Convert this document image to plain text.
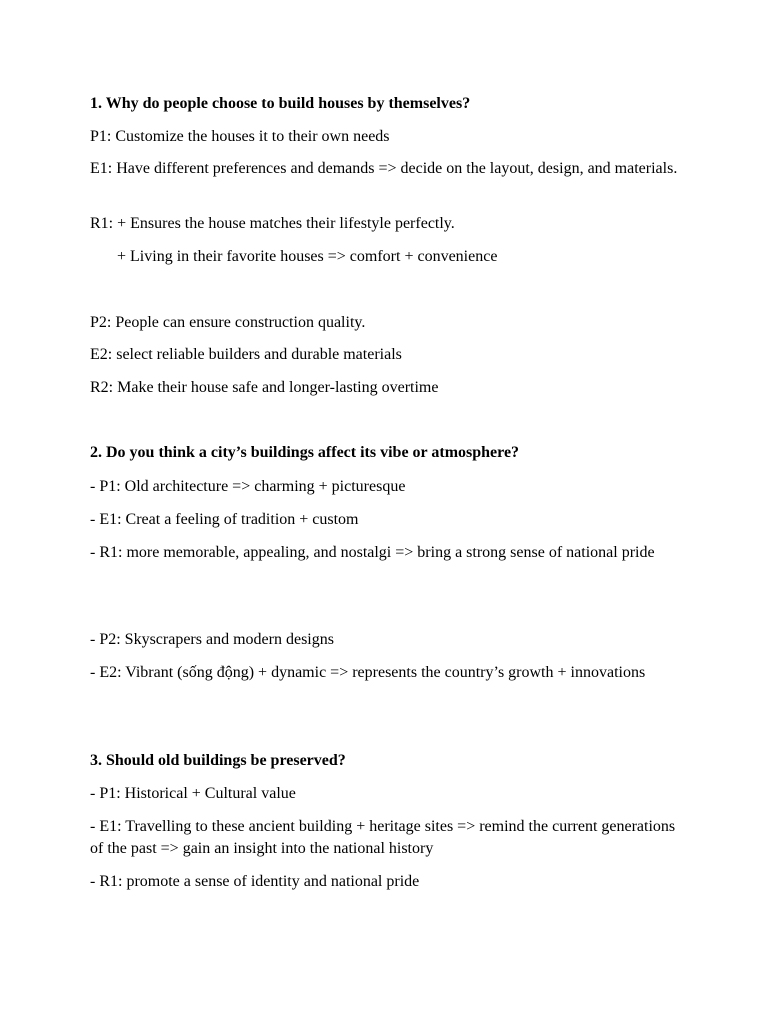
1. Why do people choose to build houses by themselves?
P1: Customize the houses it to their own needs
E1: Have different preferences and demands => decide on the layout, design, and materials.
R1: + Ensures the house matches their lifestyle perfectly.
+ Living in their favorite houses => comfort + convenience
P2: People can ensure construction quality.
E2: select reliable builders and durable materials
R2: Make their house safe and longer-lasting overtime
2. Do you think a city’s buildings affect its vibe or atmosphere?
- P1: Old architecture => charming + picturesque
- E1: Creat a feeling of tradition + custom
- R1: more memorable, appealing, and nostalgi => bring a strong sense of national pride
- P2: Skyscrapers and modern designs
- E2: Vibrant (sống động) + dynamic => represents the country’s growth + innovations
3. Should old buildings be preserved?
- P1: Historical + Cultural value
- E1: Travelling to these ancient building + heritage sites => remind the current generations of the past => gain an insight into the national history
- R1: promote a sense of identity and national pride
